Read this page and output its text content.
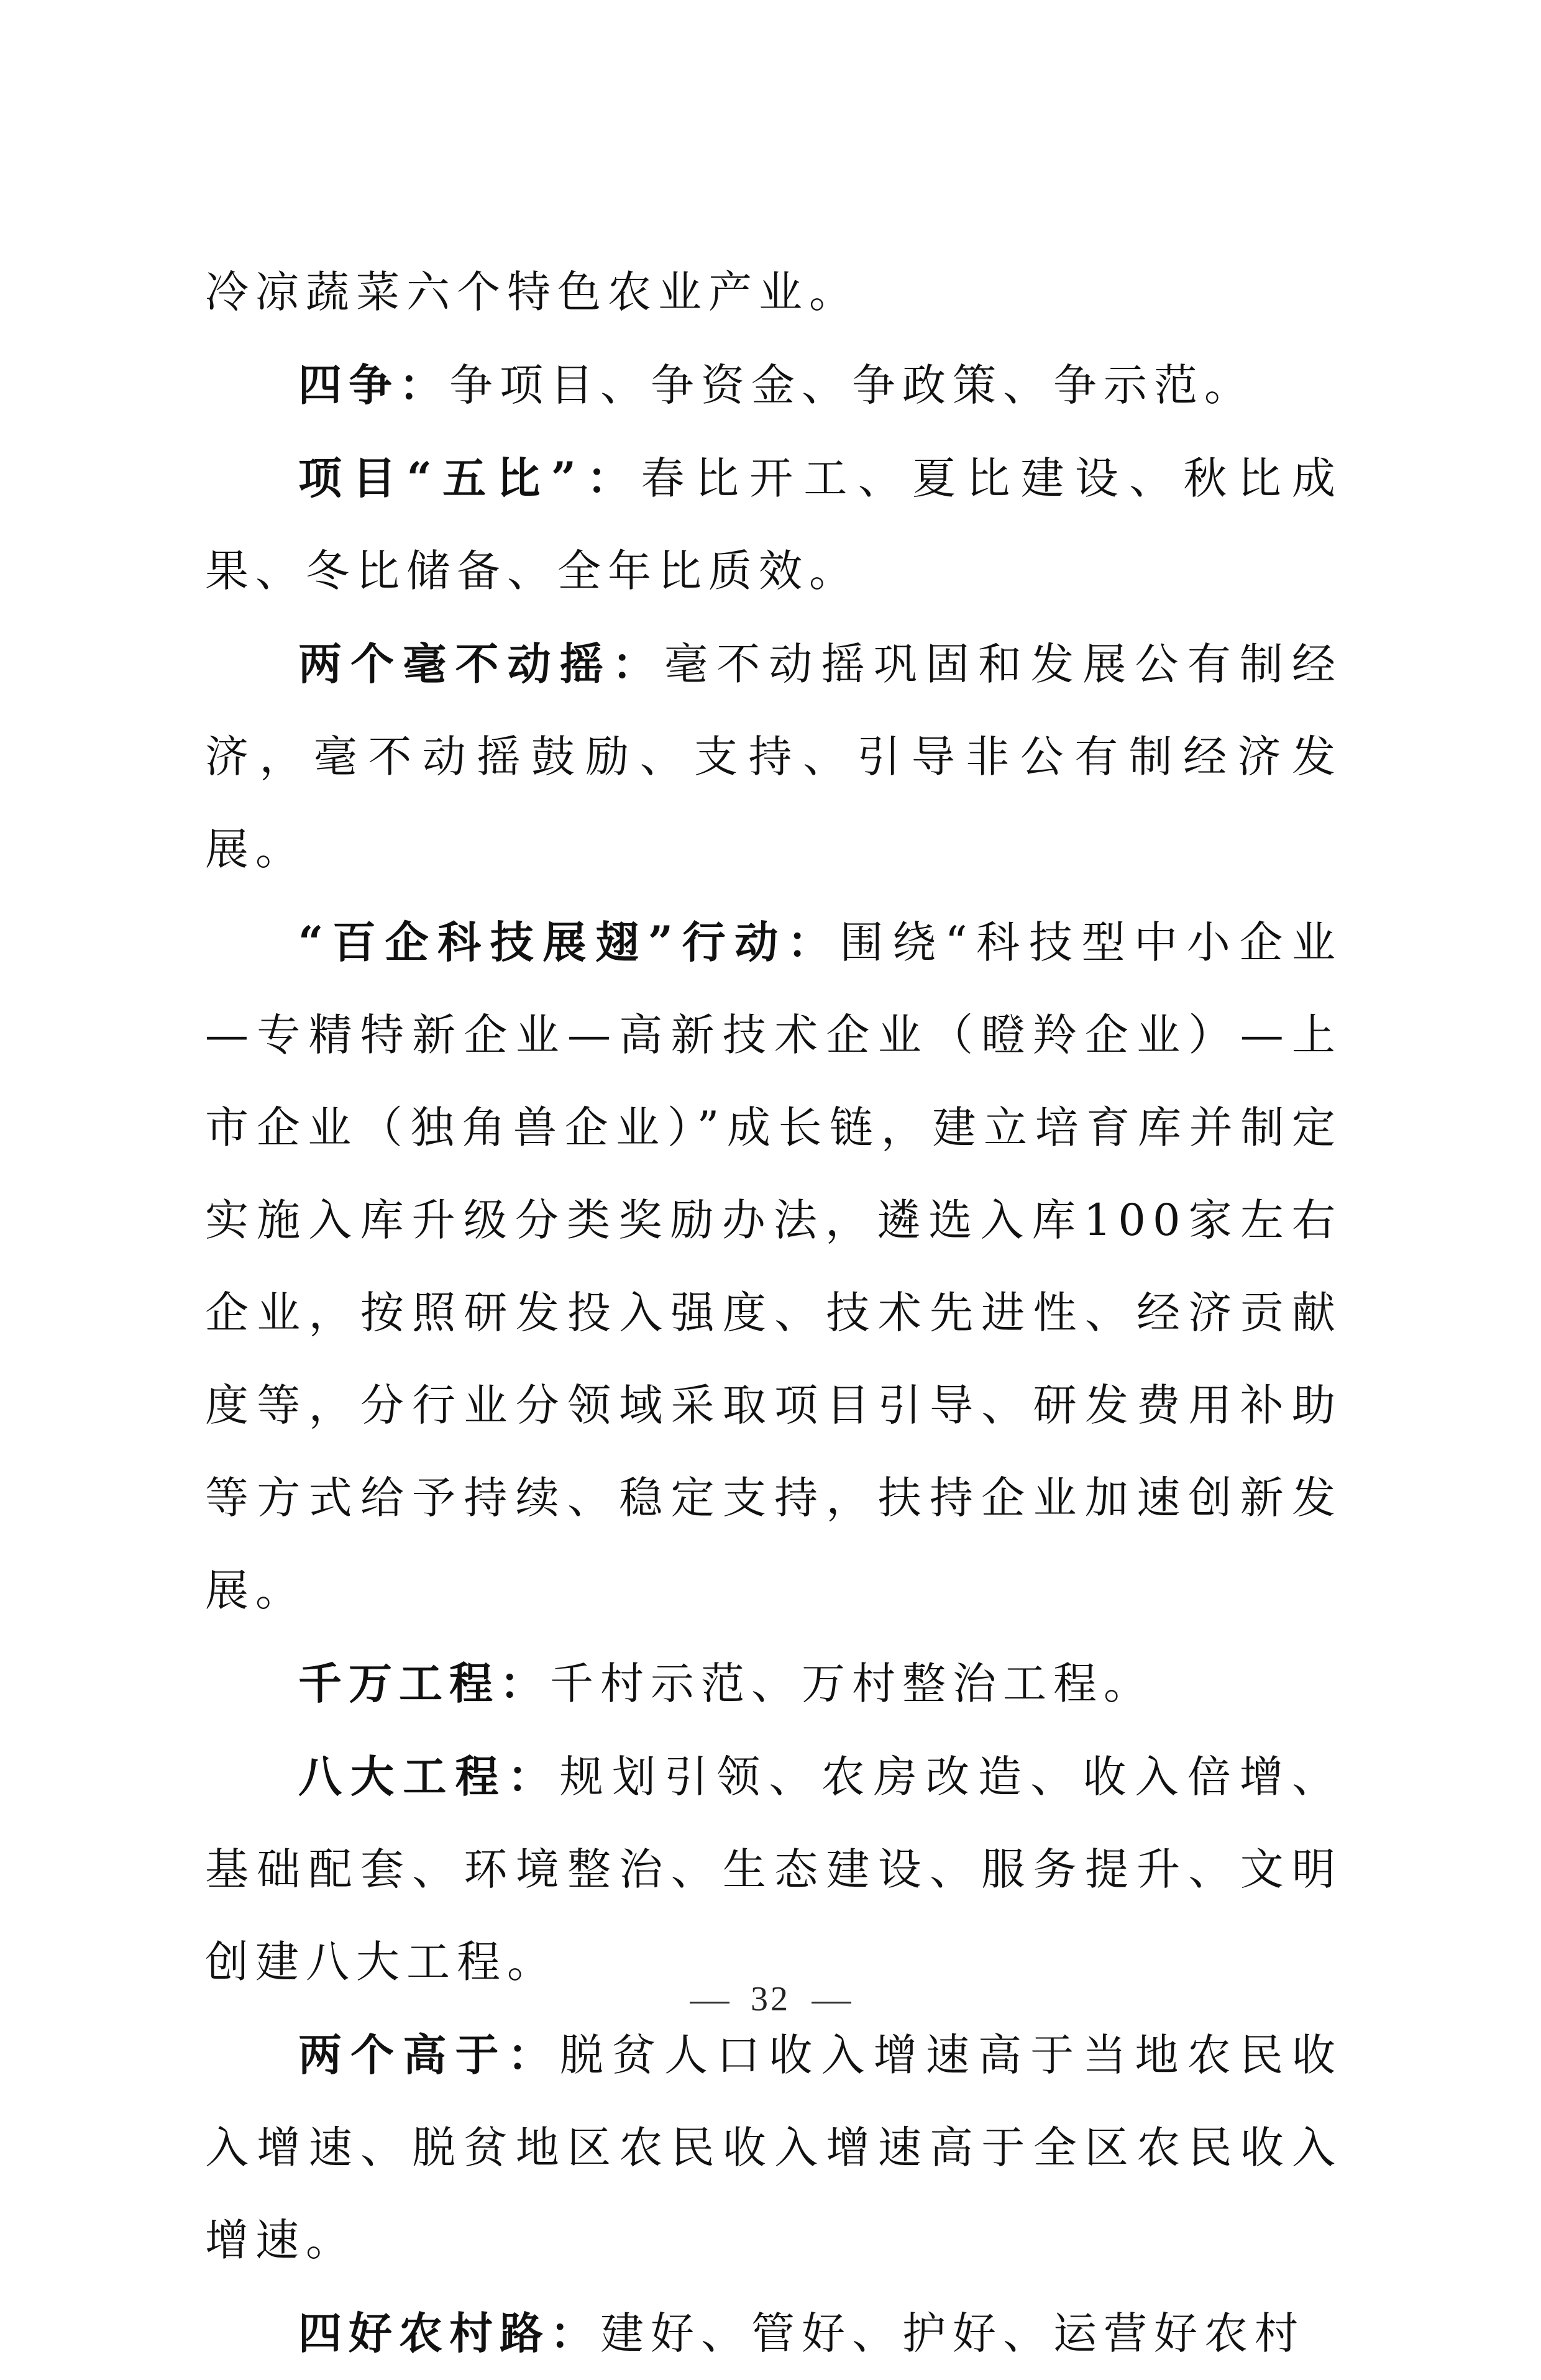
冷凉蔬菜六个特色农业产业。

四争：争项目、争资金、争政策、争示范。

项目“五比”：春比开工、夏比建设、秋比成果、冬比储备、全年比质效。

两个毫不动摇：毫不动摇巩固和发展公有制经济，毫不动摇鼓励、支持、引导非公有制经济发展。

“百企科技展翅”行动：围绕“科技型中小企业—专精特新企业—高新技术企业（瞪羚企业）—上市企业（独角兽企业）”成长链，建立培育库并制定实施入库升级分类奖励办法，遴选入库100家左右企业，按照研发投入强度、技术先进性、经济贡献度等，分行业分领域采取项目引导、研发费用补助等方式给予持续、稳定支持，扶持企业加速创新发展。

千万工程：千村示范、万村整治工程。

八大工程：规划引领、农房改造、收入倍增、基础配套、环境整治、生态建设、服务提升、文明创建八大工程。

两个高于：脱贫人口收入增速高于当地农民收入增速、脱贫地区农民收入增速高于全区农民收入增速。

四好农村路：建好、管好、护好、运营好农村

32
